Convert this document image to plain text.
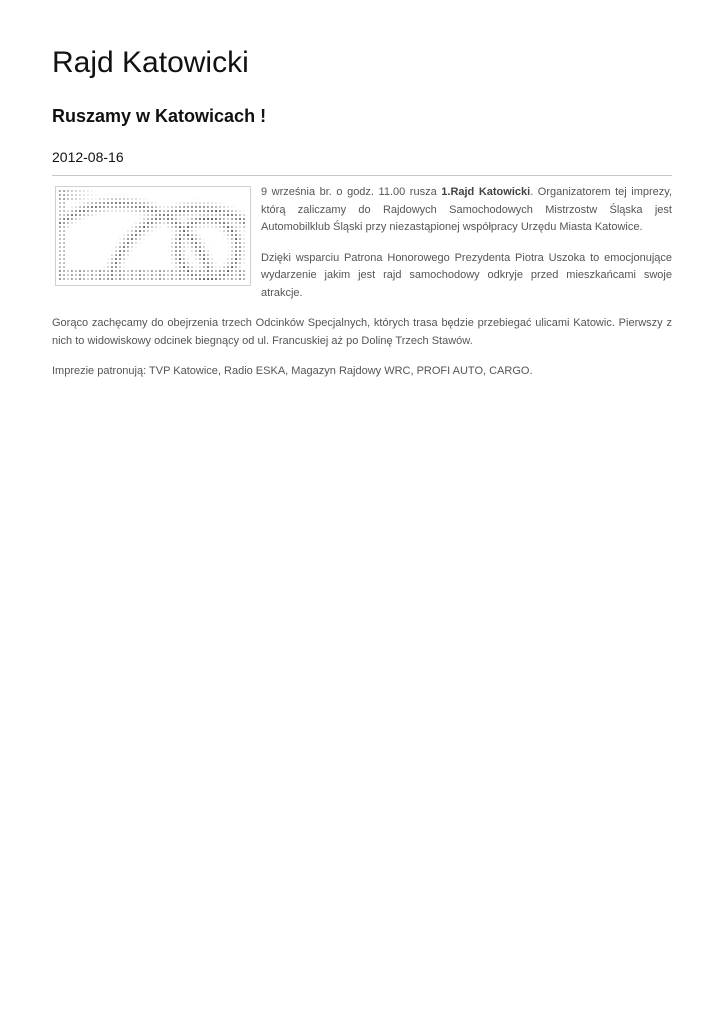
Rajd Katowicki
Ruszamy w Katowicach !
2012-08-16

9 września br. o godz. 11.00 rusza 1.Rajd Katowicki. Organizatorem tej imprezy, którą zaliczamy do Rajdowych Samochodowych Mistrzostw Śląska jest Automobilklub Śląski przy niezastąpionej współpracy Urzędu Miasta Katowice.

Dzięki wsparciu Patrona Honorowego Prezydenta Piotra Uszoka to emocjonujące wydarzenie jakim jest rajd samochodowy odkryje przed mieszkańcami swoje atrakcje.

Gorąco zachęcamy do obejrzenia trzech Odcinków Specjalnych, których trasa będzie przebiegać ulicami Katowic. Pierwszy z nich to widowiskowy odcinek biegnący od ul. Francuskiej aż po Dolinę Trzech Stawów.

Imprezie patronują: TVP Katowice, Radio ESKA, Magazyn Rajdowy WRC, PROFI AUTO, CARGO.
